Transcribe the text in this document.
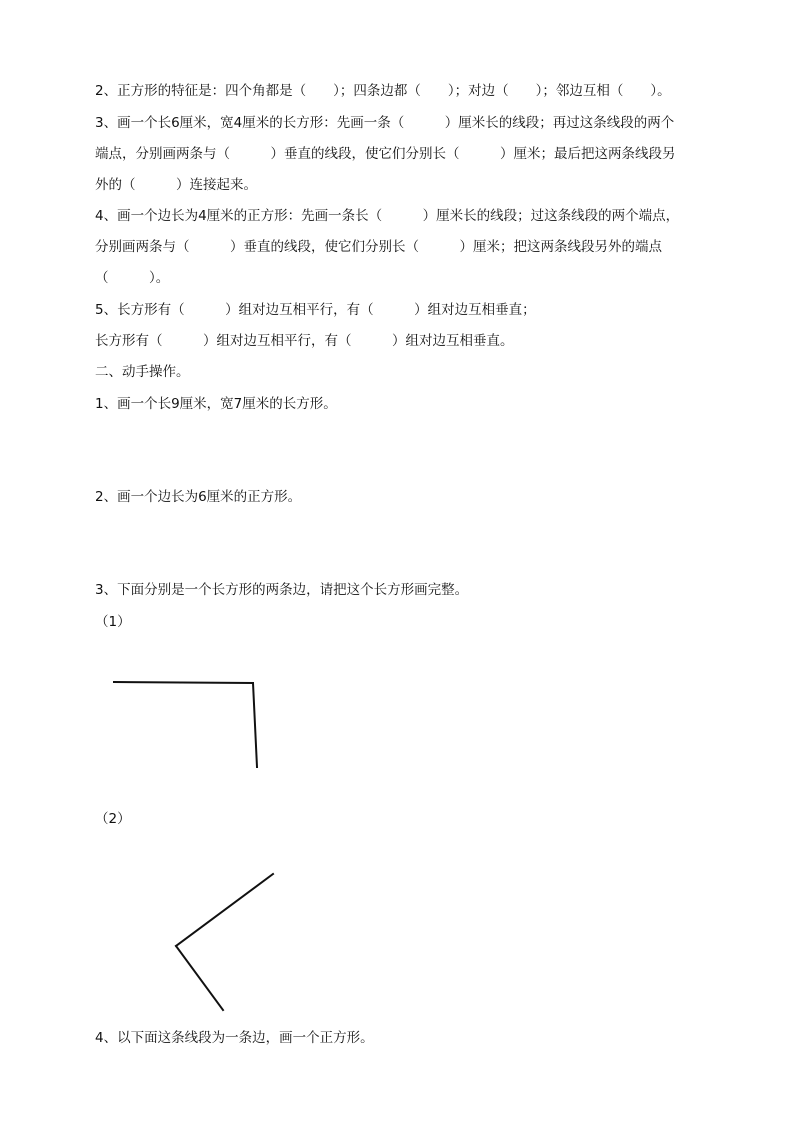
2、正方形的特征是：四个角都是（　　）；四条边都（　　）；对边（　　）；邻边互相（　　）。
3、画一个长6厘米，宽4厘米的长方形：先画一条（　　　）厘米长的线段；再过这条线段的两个
端点，分别画两条与（　　　）垂直的线段，使它们分别长（　　　）厘米；最后把这两条线段另
外的（　　　）连接起来。
4、画一个边长为4厘米的正方形：先画一条长（　　　）厘米长的线段；过这条线段的两个端点，
分别画两条与（　　　）垂直的线段，使它们分别长（　　　）厘米；把这两条线段另外的端点
（　　　）。
5、长方形有（　　　）组对边互相平行，有（　　　）组对边互相垂直；
长方形有（　　　）组对边互相平行，有（　　　）组对边互相垂直。
二、动手操作。
1、画一个长9厘米，宽7厘米的长方形。
2、画一个边长为6厘米的正方形。
3、下面分别是一个长方形的两条边，请把这个长方形画完整。
（1）
（2）
4、以下面这条线段为一条边，画一个正方形。
